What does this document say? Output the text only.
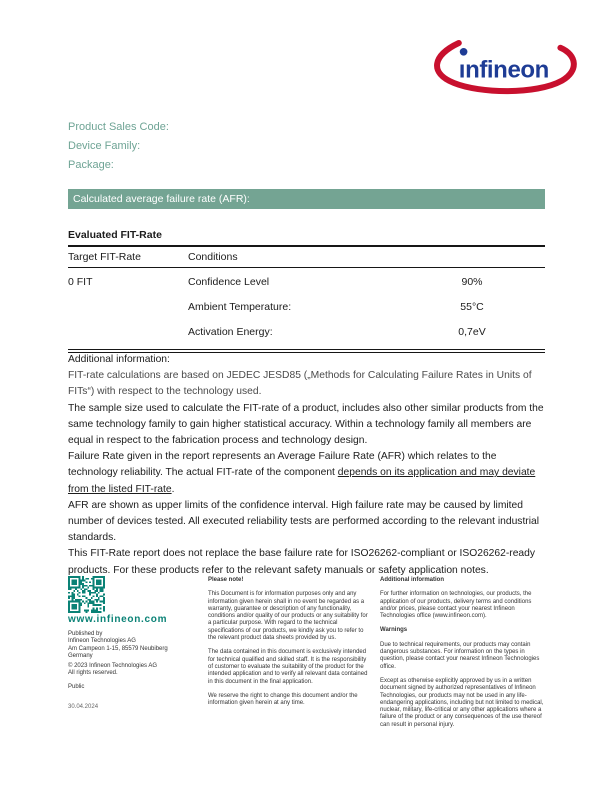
ınfineon
Product Sales Code:
Device Family:
Package:
Calculated average failure rate (AFR):
Evaluated FIT-Rate
Target FIT-Rate	Conditions
0 FIT	Confidence Level	90%
Ambient Temperature:	55°C
Activation Energy:	0,7eV

Additional information:

FIT-rate calculations are based on JEDEC JESD85 („Methods for Calculating Failure Rates in Units of FITs“) with respect to the technology used.

The sample size used to calculate the FIT-rate of a product, includes also other similar products from the same technology family to gain higher statistical accuracy. Within a technology family all members are equal in respect to the fabrication process and technology design.

Failure Rate given in the report represents an Average Failure Rate (AFR) which relates to the technology reliability. The actual FIT-rate of the component depends on its application and may deviate from the listed FIT-rate.

AFR are shown as upper limits of the confidence interval. High failure rate may be caused by limited number of devices tested. All executed reliability tests are performed according to the relevant industrial standards.

This FIT-Rate report does not replace the base failure rate for ISO26262-compliant or ISO26262-ready products. For these products refer to the relevant safety manuals or safety application notes.

www.infineon.com
Published by
Infineon Technologies AG
Am Campeon 1-15, 85579 Neubiberg
Germany
© 2023 Infineon Technologies AG
All rights reserved.
Public
30.04.2024

Please note!

This Document is for information purposes only and any information given herein shall in no event be regarded as a warranty, guarantee or description of any functionality, conditions and/or quality of our products or any suitability for a particular purpose. With regard to the technical specifications of our products, we kindly ask you to refer to the relevant product data sheets provided by us.

The data contained in this document is exclusively intended for technical qualified and skilled staff. It is the responsibility of customer to evaluate the suitability of the product for the intended application and to verify all relevant data contained in this document in the final application.

We reserve the right to change this document and/or the information given herein at any time.

Additional information

For further information on technologies, our products, the application of our products, delivery terms and conditions and/or prices, please contact your nearest Infineon Technologies office (www.infineon.com).

Warnings

Due to technical requirements, our products may contain dangerous substances. For information on the types in question, please contact your nearest Infineon Technologies office.

Except as otherwise explicitly approved by us in a written document signed by authorized representatives of Infineon Technologies, our products may not be used in any life-endangering applications, including but not limited to medical, nuclear, military, life-critical or any other applications where a failure of the product or any consequences of the use thereof can result in personal injury.
